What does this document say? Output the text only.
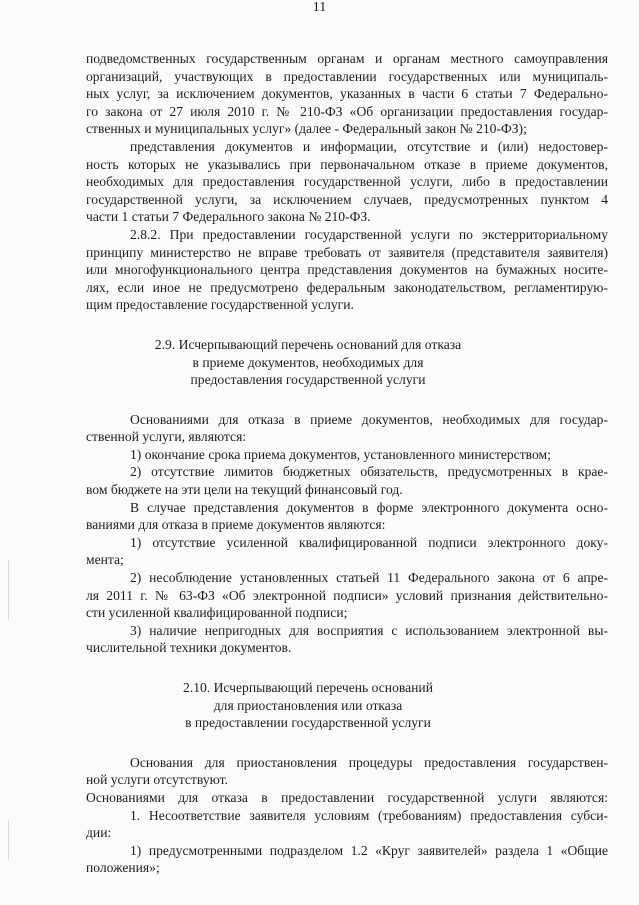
11
подведомственных государственным органам и органам местного самоуправления
организаций, участвующих в предоставлении государственных или муниципаль-
ных услуг, за исключением документов, указанных в части 6 статьи 7 Федерально-
го закона от 27 июля 2010 г. № 210-ФЗ «Об организации предоставления государ-
ственных и муниципальных услуг» (далее - Федеральный закон № 210-ФЗ);
представления документов и информации, отсутствие и (или) недостовер-
ность которых не указывались при первоначальном отказе в приеме документов,
необходимых для предоставления государственной услуги, либо в предоставлении
государственной услуги, за исключением случаев, предусмотренных пунктом 4
части 1 статьи 7 Федерального закона № 210-ФЗ.
2.8.2. При предоставлении государственной услуги по экстерриториальному
принципу министерство не вправе требовать от заявителя (представителя заявителя)
или многофункционального центра представления документов на бумажных носите-
лях, если иное не предусмотрено федеральным законодательством, регламентирую-
щим предоставление государственной услуги.
2.9. Исчерпывающий перечень оснований для отказа
в приеме документов, необходимых для
предоставления государственной услуги
Основаниями для отказа в приеме документов, необходимых для государ-
ственной услуги, являются:
1) окончание срока приема документов, установленного министерством;
2) отсутствие лимитов бюджетных обязательств, предусмотренных в крае-
вом бюджете на эти цели на текущий финансовый год.
В случае представления документов в форме электронного документа осно-
ваниями для отказа в приеме документов являются:
1) отсутствие усиленной квалифицированной подписи электронного доку-
мента;
2) несоблюдение установленных статьей 11 Федерального закона от 6 апре-
ля 2011 г. № 63-ФЗ «Об электронной подписи» условий признания действительно-
сти усиленной квалифицированной подписи;
3) наличие непригодных для восприятия с использованием электронной вы-
числительной техники документов.
2.10. Исчерпывающий перечень оснований
для приостановления или отказа
в предоставлении государственной услуги
Основания для приостановления процедуры предоставления государствен-
ной услуги отсутствуют.
Основаниями для отказа в предоставлении государственной услуги являются:
1. Несоответствие заявителя условиям (требованиям) предоставления субси-
дии:
1) предусмотренными подразделом 1.2 «Круг заявителей» раздела 1 «Общие
положения»;
